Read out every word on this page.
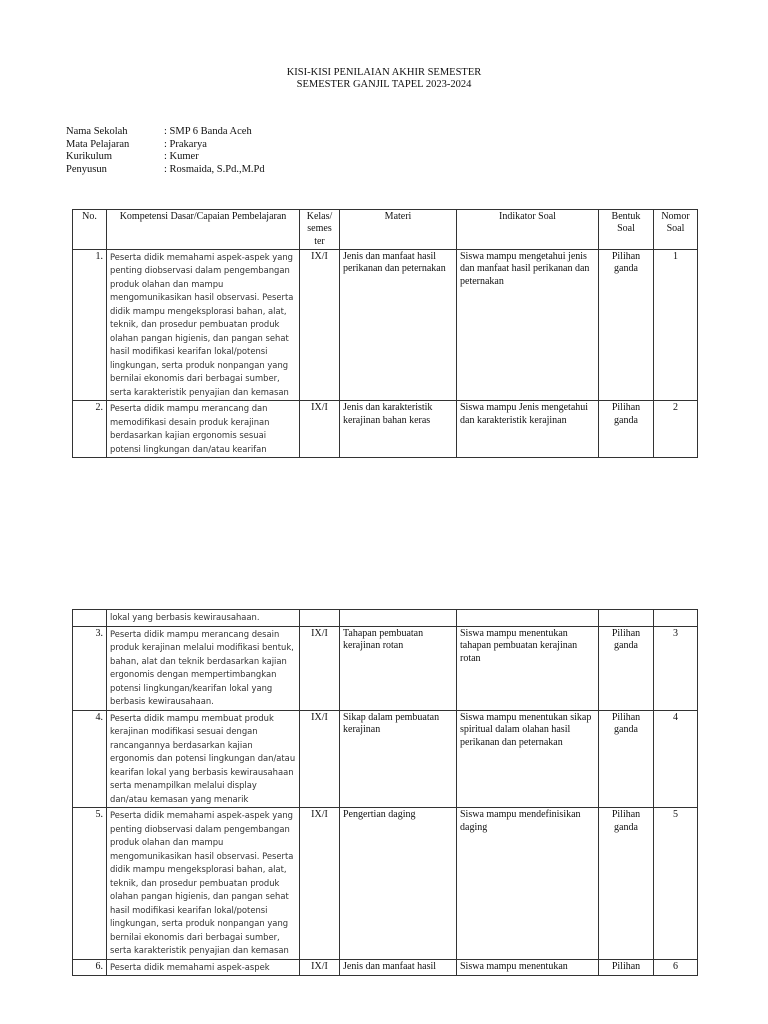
KISI-KISI PENILAIAN AKHIR SEMESTER
SEMESTER GANJIL TAPEL 2023-2024
Nama Sekolah	: SMP 6 Banda Aceh
Mata Pelajaran	: Prakarya
Kurikulum	: Kumer
Penyusun	: Rosmaida, S.Pd.,M.Pd
No.	Kompetensi Dasar/Capaian Pembelajaran	Kelas/ semes ter	Materi	Indikator Soal	Bentuk Soal	Nomor Soal
1.	Peserta didik memahami aspek-aspek yang penting diobservasi dalam pengembangan produk olahan dan mampu mengomunikasikan hasil observasi. Peserta didik mampu mengeksplorasi bahan, alat, teknik, dan prosedur pembuatan produk olahan pangan higienis, dan pangan sehat hasil modifikasi kearifan lokal/potensi lingkungan, serta produk nonpangan yang bernilai ekonomis dari berbagai sumber, serta karakteristik penyajian dan kemasan	IX/I	Jenis dan manfaat hasil perikanan dan peternakan	Siswa mampu mengetahui jenis dan manfaat hasil perikanan dan peternakan	Pilihan ganda	1
2.	Peserta didik mampu merancang dan memodifikasi desain produk kerajinan berdasarkan kajian ergonomis sesuai potensi lingkungan dan/atau kearifan	IX/I	Jenis dan karakteristik kerajinan bahan keras	Siswa mampu Jenis mengetahui dan karakteristik kerajinan	Pilihan ganda	2
	lokal yang berbasis kewirausahaan.					
3.	Peserta didik mampu merancang desain produk kerajinan melalui modifikasi bentuk, bahan, alat dan teknik berdasarkan kajian ergonomis dengan mempertimbangkan potensi lingkungan/kearifan lokal yang berbasis kewirausahaan.	IX/I	Tahapan pembuatan kerajinan rotan	Siswa mampu menentukan tahapan pembuatan kerajinan rotan	Pilihan ganda	3
4.	Peserta didik mampu membuat produk kerajinan modifikasi sesuai dengan rancangannya berdasarkan kajian ergonomis dan potensi lingkungan dan/atau kearifan lokal yang berbasis kewirausahaan serta menampilkan melalui display dan/atau kemasan yang menarik	IX/I	Sikap dalam pembuatan kerajinan	Siswa mampu menentukan sikap spiritual dalam olahan hasil perikanan dan peternakan	Pilihan ganda	4
5.	Peserta didik memahami aspek-aspek yang penting diobservasi dalam pengembangan produk olahan dan mampu mengomunikasikan hasil observasi. Peserta didik mampu mengeksplorasi bahan, alat, teknik, dan prosedur pembuatan produk olahan pangan higienis, dan pangan sehat hasil modifikasi kearifan lokal/potensi lingkungan, serta produk nonpangan yang bernilai ekonomis dari berbagai sumber, serta karakteristik penyajian dan kemasan	IX/I	Pengertian daging	Siswa mampu mendefinisikan daging	Pilihan ganda	5
6.	Peserta didik memahami aspek-aspek	IX/I	Jenis dan manfaat hasil	Siswa mampu menentukan	Pilihan	6
